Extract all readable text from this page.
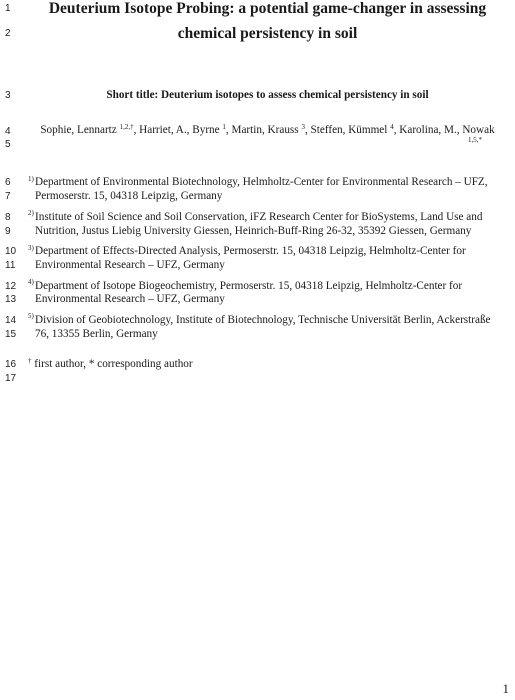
1
2
3
4
5
6
7
8
9
10
11
12
13
14
15
16
17
Deuterium Isotope Probing: a potential game-changer in assessing
chemical persistency in soil
Short title: Deuterium isotopes to assess chemical persistency in soil
Sophie, Lennartz $^{1,2,\dagger}$, Harriet, A., Byrne $^1$, Martin, Krauss $^3$, Steffen, Kümmel $^4$, Karolina, M., Nowak
1,5,*
1) Department of Environmental Biotechnology, Helmholtz-Center for Environmental Research – UFZ,
Permoserstr. 15, 04318 Leipzig, Germany
2) Institute of Soil Science and Soil Conservation, iFZ Research Center for BioSystems, Land Use and
Nutrition, Justus Liebig University Giessen, Heinrich-Buff-Ring 26-32, 35392 Giessen, Germany
3) Department of Effects-Directed Analysis, Permoserstr. 15, 04318 Leipzig, Helmholtz-Center for
Environmental Research – UFZ, Germany
4) Department of Isotope Biogeochemistry, Permoserstr. 15, 04318 Leipzig, Helmholtz-Center for
Environmental Research – UFZ, Germany
5) Division of Geobiotechnology, Institute of Biotechnology, Technische Universität Berlin, Ackerstraße
76, 13355 Berlin, Germany
† first author, * corresponding author
1
